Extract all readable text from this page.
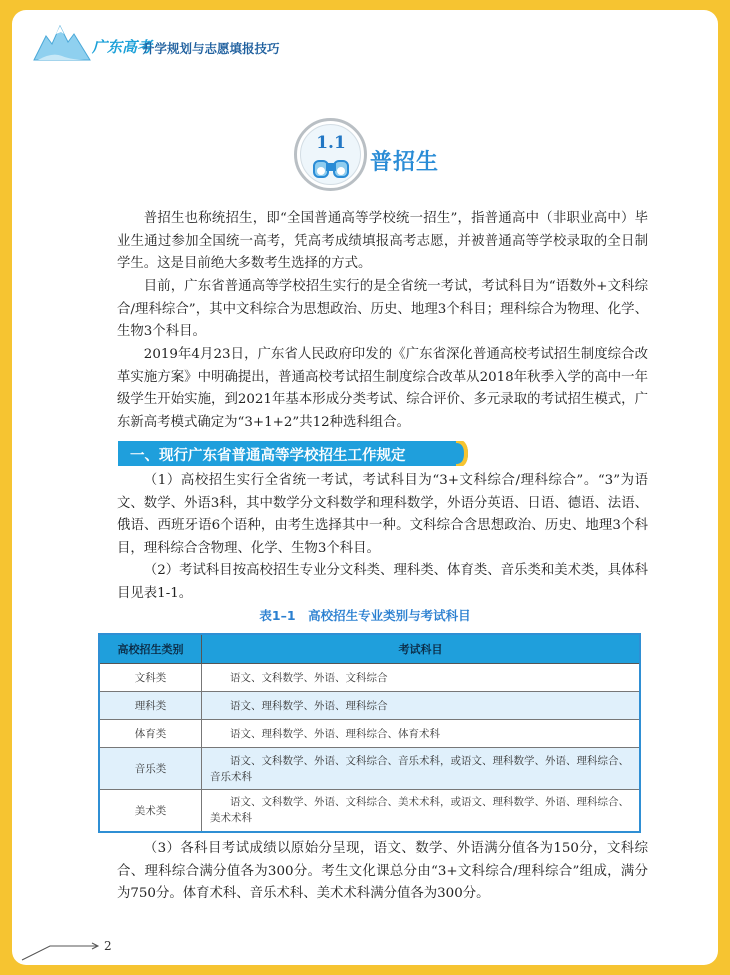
广东高考
升学规划与志愿填报技巧
1.1
普招生

普招生也称统招生，即“全国普通高等学校统一招生”，指普通高中（非职业高中）毕业生通过参加全国统一高考，凭高考成绩填报高考志愿，并被普通高等学校录取的全日制学生。这是目前绝大多数考生选择的方式。

目前，广东省普通高等学校招生实行的是全省统一考试，考试科目为“语数外+文科综合/理科综合”，其中文科综合为思想政治、历史、地理3个科目；理科综合为物理、化学、生物3个科目。

2019年4月23日，广东省人民政府印发的《广东省深化普通高校考试招生制度综合改革实施方案》中明确提出，普通高校考试招生制度综合改革从2018年秋季入学的高中一年级学生开始实施，到2021年基本形成分类考试、综合评价、多元录取的考试招生模式，广东新高考模式确定为“3+1+2”共12种选科组合。

一、现行广东省普通高等学校招生工作规定

（1）高校招生实行全省统一考试，考试科目为“3+文科综合/理科综合”。“3”为语文、数学、外语3科，其中数学分文科数学和理科数学，外语分英语、日语、德语、法语、俄语、西班牙语6个语种，由考生选择其中一种。文科综合含思想政治、历史、地理3个科目，理科综合含物理、化学、生物3个科目。

（2）考试科目按高校招生专业分文科类、理科类、体育类、音乐类和美术类，具体科目见表1-1。

表1–1　高校招生专业类别与考试科目
高校招生类别	考试科目
文科类	语文、文科数学、外语、文科综合
理科类	语文、理科数学、外语、理科综合
体育类	语文、理科数学、外语、理科综合、体育术科
音乐类	语文、文科数学、外语、文科综合、音乐术科，或语文、理科数学、外语、理科综合、音乐术科
美术类	语文、文科数学、外语、文科综合、美术术科，或语文、理科数学、外语、理科综合、美术术科

（3）各科目考试成绩以原始分呈现，语文、数学、外语满分值各为150分，文科综合、理科综合满分值各为300分。考生文化课总分由“3+文科综合/理科综合”组成，满分为750分。体育术科、音乐术科、美术术科满分值各为300分。

2
